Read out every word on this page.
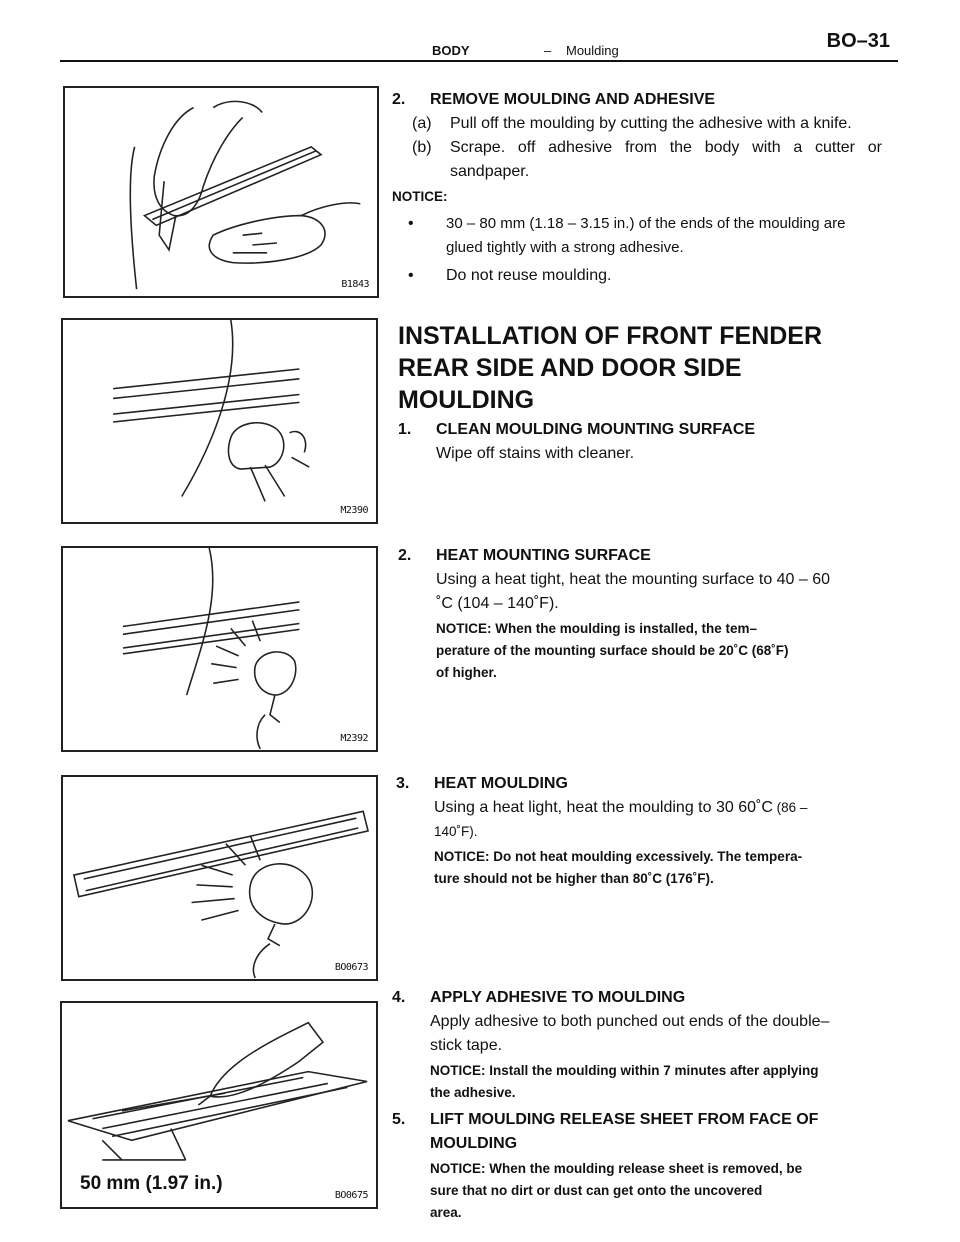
BODY	– Moulding	BO–31
B1843
2. REMOVE MOULDING AND ADHESIVE
(a)	Pull off the moulding by cutting the adhesive with a knife.
(b)	Scrape. off adhesive from the body with a cutter or sandpaper.
NOTICE:
•	30 – 80 mm (1.18 – 3.15 in.) of the ends of the moulding are glued tightly with a strong adhesive.
•	Do not reuse moulding.
M2390
INSTALLATION OF FRONT FENDER
REAR SIDE AND DOOR SIDE
MOULDING
1. CLEAN MOULDING MOUNTING SURFACE
Wipe off stains with cleaner.
M2392
2. HEAT MOUNTING SURFACE
Using a heat tight, heat the mounting surface to 40 – 60
˚C (104 – 140˚F).
NOTICE: When the moulding is installed, the tem–
perature of the mounting surface should be 20˚C (68˚F)
of higher.
BO0673
3. HEAT MOULDING
Using a heat light, heat the moulding to 30 60˚C (86 –
140˚F).
NOTICE: Do not heat moulding excessively. The tempera-
ture should not be higher than 80˚C (176˚F).
50 mm (1.97 in.)
BO0675
4. APPLY ADHESIVE TO MOULDING
Apply adhesive to both punched out ends of the double–
stick tape.
NOTICE: Install the moulding within 7 minutes after applying
the adhesive.
5. LIFT MOULDING RELEASE SHEET FROM FACE OF
MOULDING
NOTICE: When the moulding release sheet is removed, be
sure that no dirt or dust can get onto the uncovered
area.
